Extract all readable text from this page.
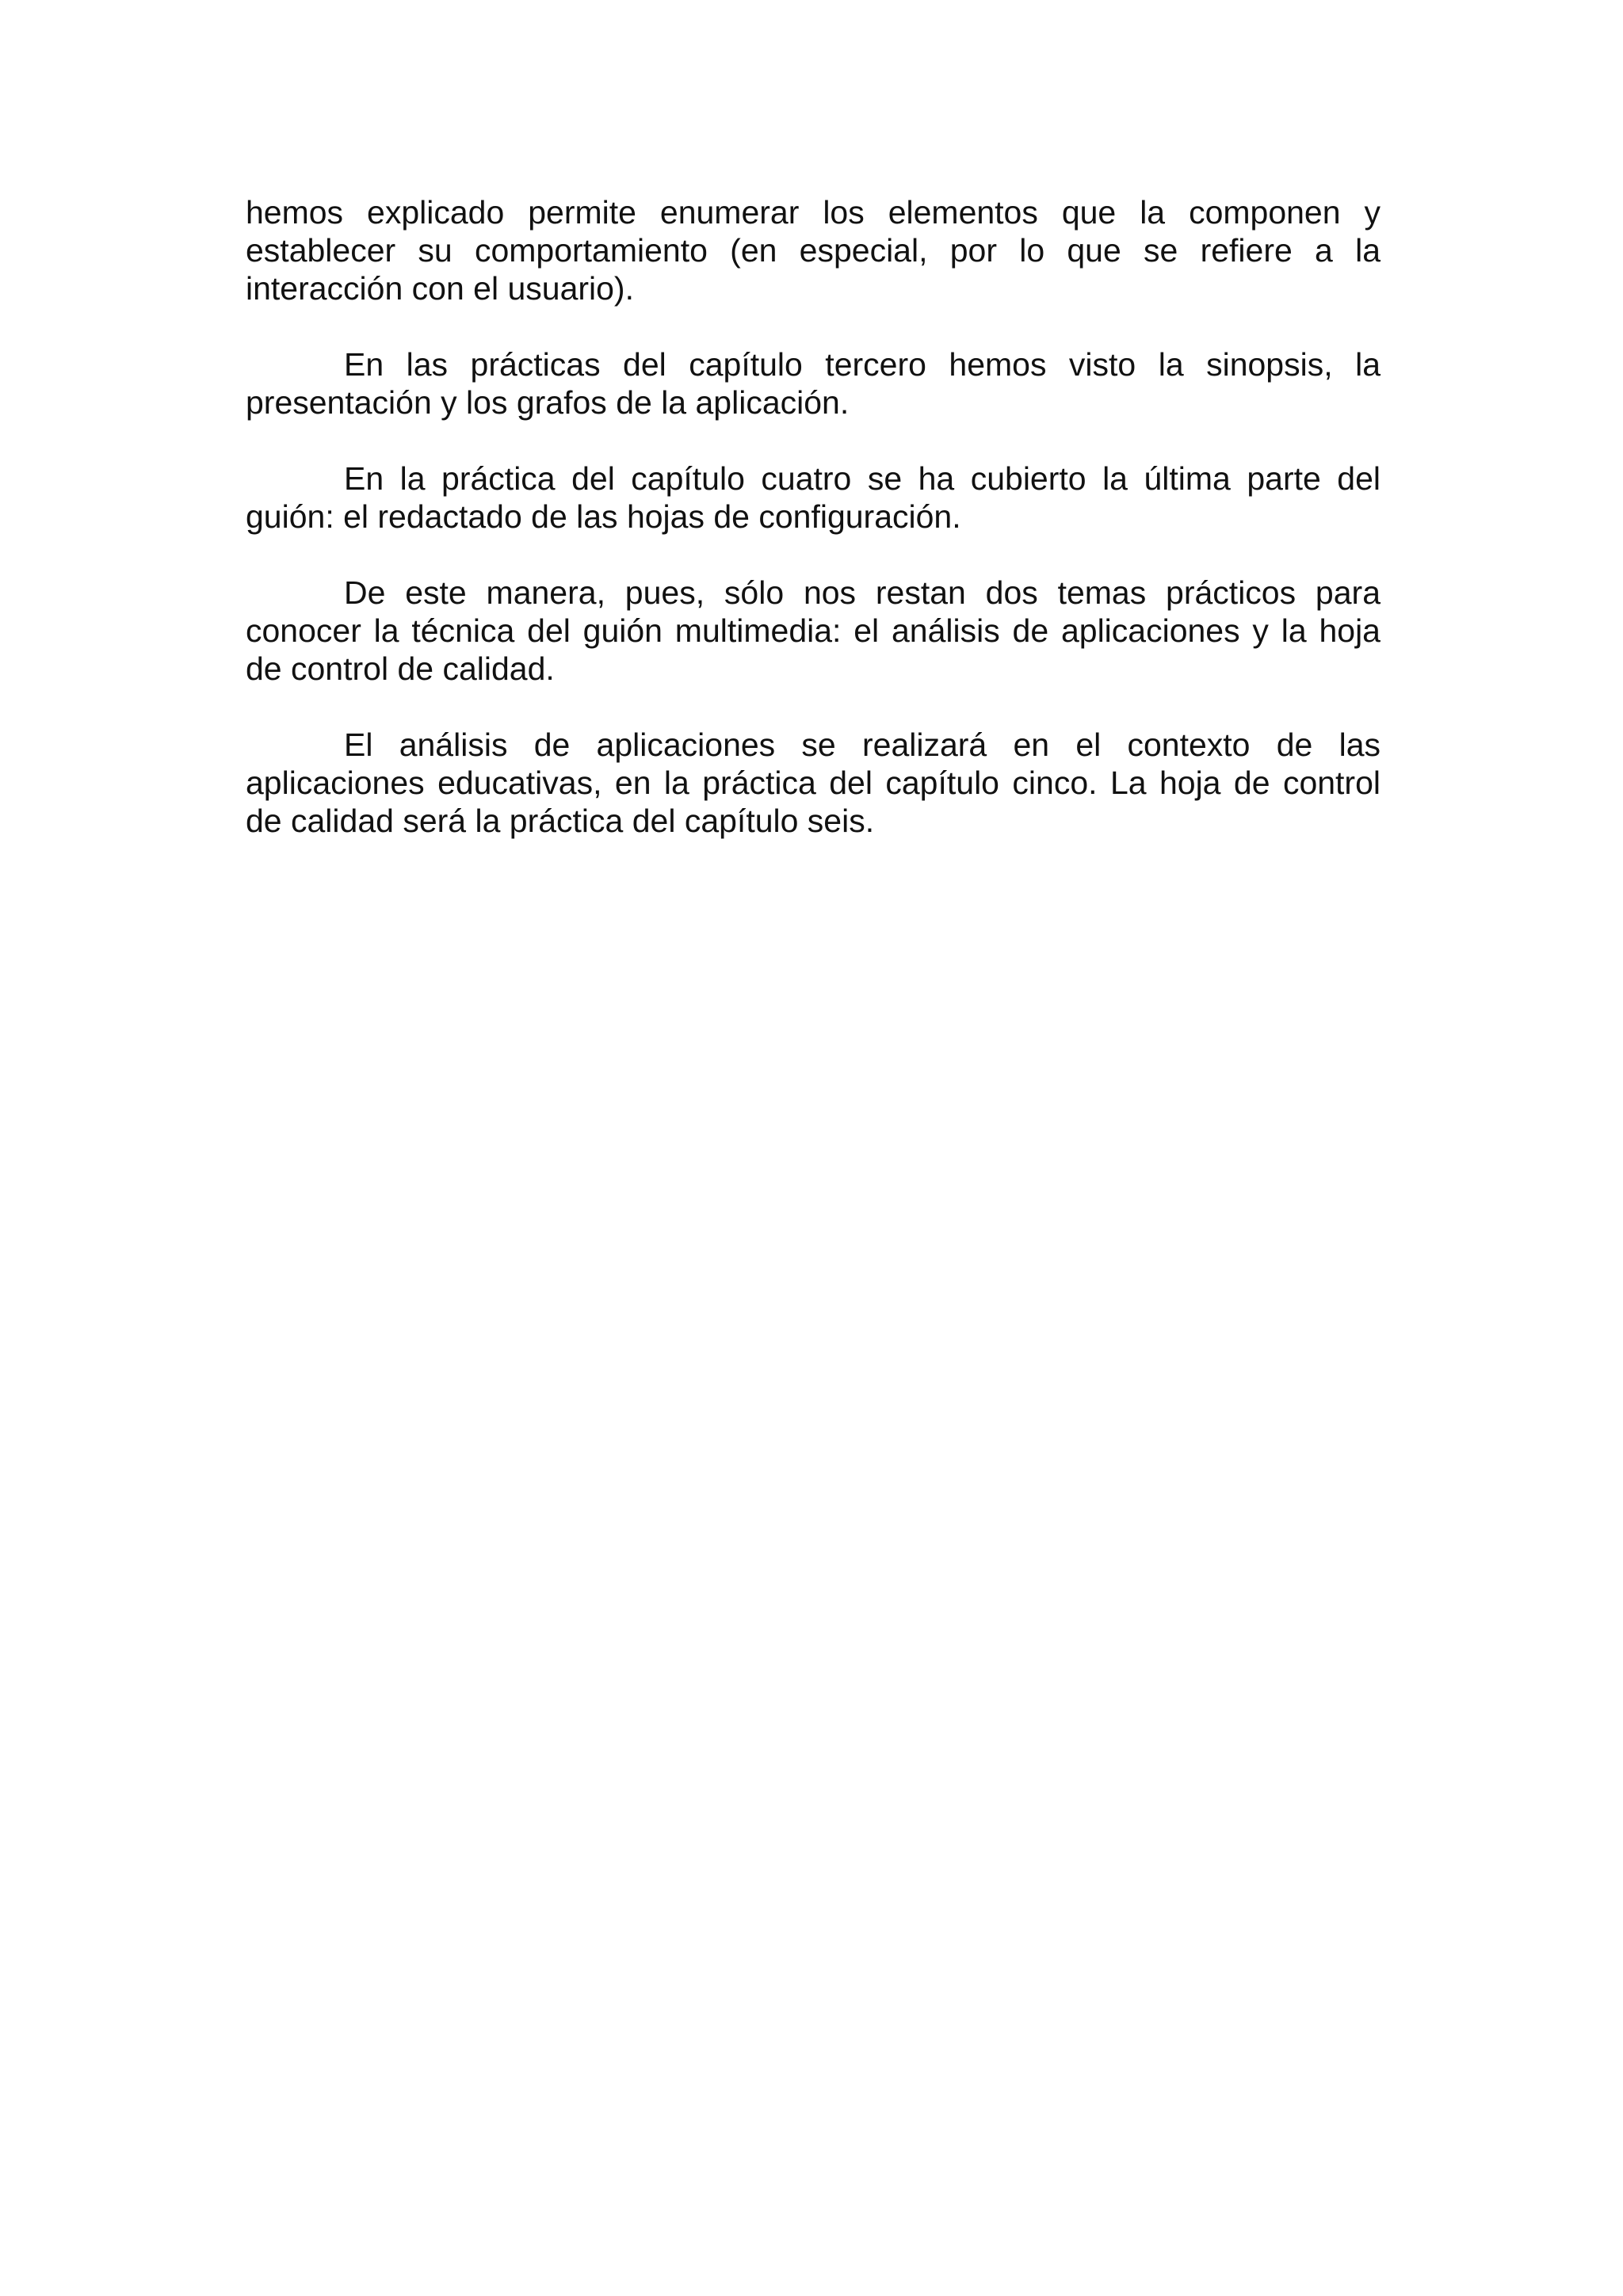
hemos explicado permite enumerar los elementos que la componen y establecer su comportamiento (en especial, por lo que se refiere a la interacción con el usuario).

En las prácticas del capítulo tercero hemos visto la sinopsis, la presentación y los grafos de la aplicación.

En la práctica del capítulo cuatro se ha cubierto la última parte del guión: el redactado de las hojas de configuración.

De este manera, pues, sólo nos restan dos temas prácticos para conocer la técnica del guión multimedia: el análisis de aplicaciones y la hoja de control de calidad.

El análisis de aplicaciones se realizará en el contexto de las aplicaciones educativas, en la práctica del capítulo cinco. La hoja de control de calidad será la práctica del capítulo seis.
